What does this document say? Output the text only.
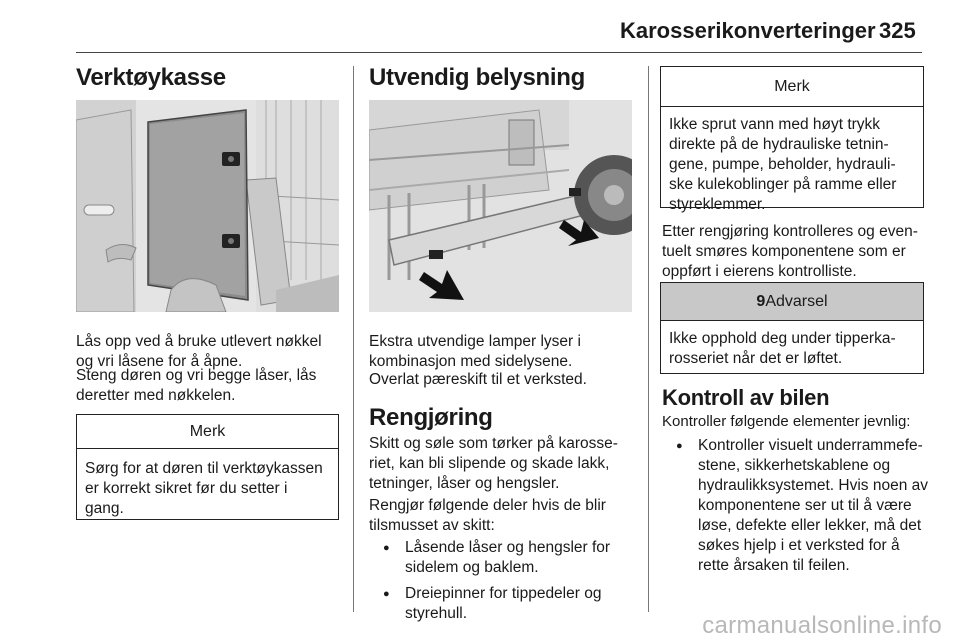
Karosserikonverteringer 325
Verktøykasse

Lås opp ved å bruke utlevert nøkkel og vri låsene for å åpne.

Steng døren og vri begge låser, lås deretter med nøkkelen.

Merk
Sørg for at døren til verktøykassen er korrekt sikret før du setter i gang.
Utvendig belysning

Ekstra utvendige lamper lyser i kombinasjon med sidelysene.

Overlat pæreskift til et verksted.

Rengjøring

Skitt og søle som tørker på karosse-riet, kan bli slipende og skade lakk, tetninger, låser og hengsler.

Rengjør følgende deler hvis de blir tilsmusset av skitt:

● Låsende låser og hengsler for sidelem og baklem.
● Dreiepinner for tippedeler og styrehull.
Merk
Ikke sprut vann med høyt trykk direkte på de hydrauliske tetnin-gene, pumpe, beholder, hydrauli-ske kulekoblinger på ramme eller styreklemmer.

Etter rengjøring kontrolleres og even-tuelt smøres komponentene som er oppført i eierens kontrolliste.

9Advarsel
Ikke opphold deg under tipperka-rosseriet når det er løftet.
Kontroll av bilen

Kontroller følgende elementer jevnlig:

● Kontroller visuelt underrammefe-stene, sikkerhetskablene og hydraulikksystemet. Hvis noen av komponentene ser ut til å være løse, defekte eller lekker, må det søkes hjelp i et verksted for å rette årsaken til feilen.
carmanualsonline.info
